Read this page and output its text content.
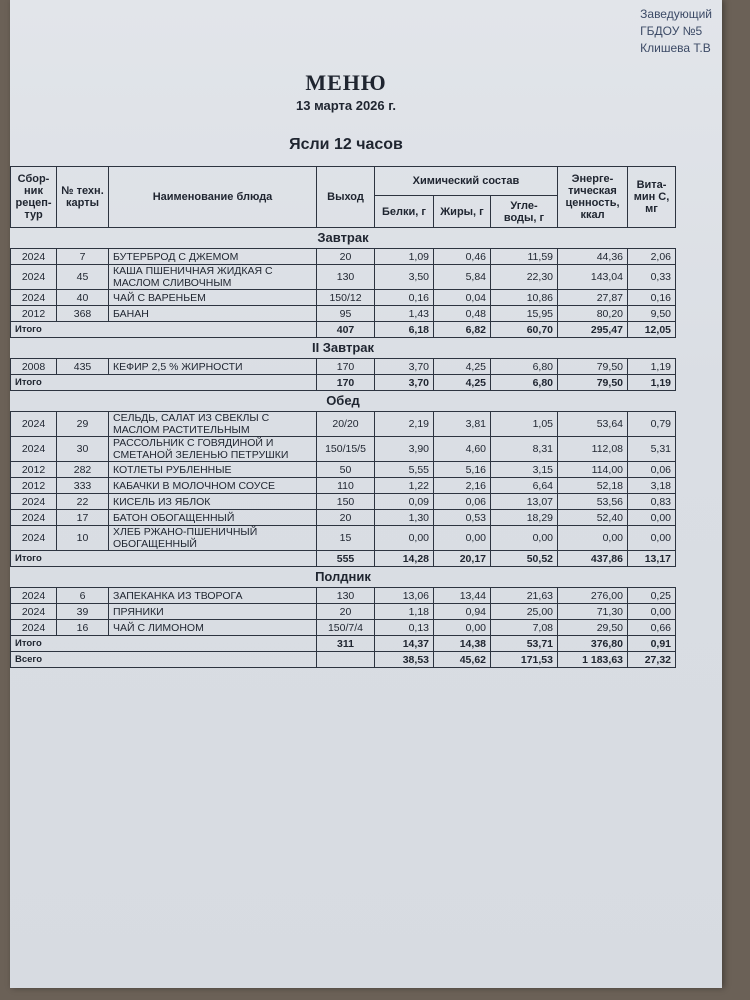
Заведующий
ГБДОУ №5
Клишева Т.В
МЕНЮ
13 марта 2026 г.
Ясли 12 часов
Сбор-ник рецеп-тур	№ техн. карты	Наименование блюда	Выход	Химический состав			Энерге-тическая ценность, ккал	Вита-мин С, мг
				Белки, г	Жиры, г	Угле-воды, г		
Завтрак								
2024	7	БУТЕРБРОД С ДЖЕМОМ	20	1,09	0,46	11,59	44,36	2,06
2024	45	КАША ПШЕНИЧНАЯ ЖИДКАЯ С МАСЛОМ СЛИВОЧНЫМ	130	3,50	5,84	22,30	143,04	0,33
2024	40	ЧАЙ С ВАРЕНЬЕМ	150/12	0,16	0,04	10,86	27,87	0,16
2012	368	БАНАН	95	1,43	0,48	15,95	80,20	9,50
Итого			407	6,18	6,82	60,70	295,47	12,05
II Завтрак								
2008	435	КЕФИР 2,5 % ЖИРНОСТИ	170	3,70	4,25	6,80	79,50	1,19
Итого			170	3,70	4,25	6,80	79,50	1,19
Обед								
2024	29	СЕЛЬДЬ, САЛАТ ИЗ СВЕКЛЫ С МАСЛОМ РАСТИТЕЛЬНЫМ	20/20	2,19	3,81	1,05	53,64	0,79
2024	30	РАССОЛЬНИК С ГОВЯДИНОЙ И СМЕТАНОЙ ЗЕЛЕНЬЮ ПЕТРУШКИ	150/15/5	3,90	4,60	8,31	112,08	5,31
2012	282	КОТЛЕТЫ РУБЛЕННЫЕ	50	5,55	5,16	3,15	114,00	0,06
2012	333	КАБАЧКИ В МОЛОЧНОМ СОУСЕ	110	1,22	2,16	6,64	52,18	3,18
2024	22	КИСЕЛЬ ИЗ ЯБЛОК	150	0,09	0,06	13,07	53,56	0,83
2024	17	БАТОН ОБОГАЩЕННЫЙ	20	1,30	0,53	18,29	52,40	0,00
2024	10	ХЛЕБ РЖАНО-ПШЕНИЧНЫЙ ОБОГАЩЕННЫЙ	15	0,00	0,00	0,00	0,00	0,00
Итого			555	14,28	20,17	50,52	437,86	13,17
Полдник								
2024	6	ЗАПЕКАНКА ИЗ ТВОРОГА	130	13,06	13,44	21,63	276,00	0,25
2024	39	ПРЯНИКИ	20	1,18	0,94	25,00	71,30	0,00
2024	16	ЧАЙ С ЛИМОНОМ	150/7/4	0,13	0,00	7,08	29,50	0,66
Итого			311	14,37	14,38	53,71	376,80	0,91
Всего				38,53	45,62	171,53	1 183,63	27,32
